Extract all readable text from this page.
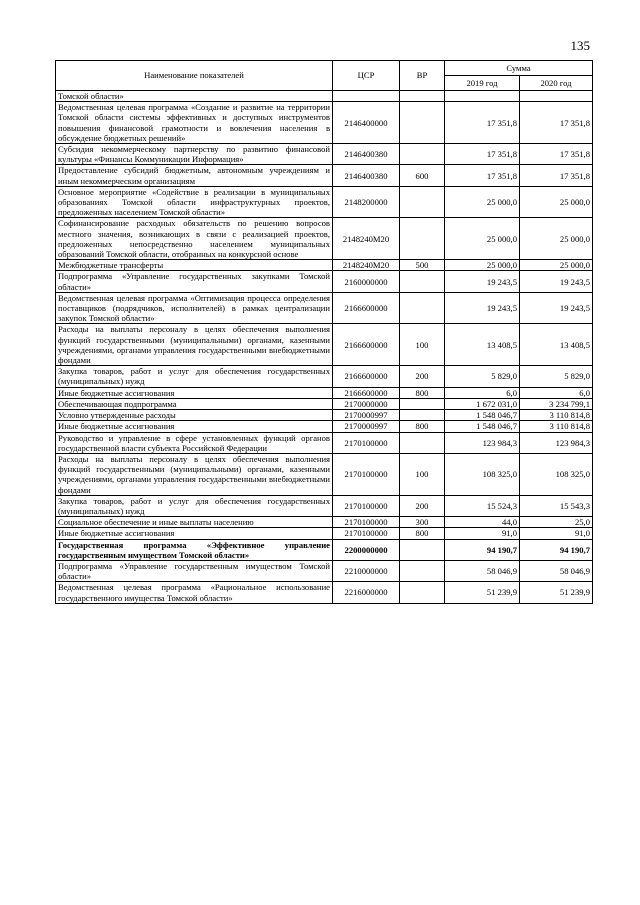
135
Наименование показателей	ЦСР	ВР	Сумма	
			2019 год	2020 год
Томской области»				
Ведомственная целевая программа «Создание и развитие на территории Томской области системы эффективных и доступных инструментов повышения финансовой грамотности и вовлечения населения в обсуждение бюджетных решений»	2146400000		17 351,8	17 351,8
Субсидия некоммерческому партнерству по развитию финансовой культуры «Финансы Коммуникации Информация»	2146400380		17 351,8	17 351,8
Предоставление субсидий бюджетным, автономным учреждениям и иным некоммерческим организациям	2146400380	600	17 351,8	17 351,8
Основное мероприятие «Содействие в реализации в муниципальных образованиях Томской области инфраструктурных проектов, предложенных населением Томской области»	2148200000		25 000,0	25 000,0
Софинансирование расходных обязательств по решению вопросов местного значения, возникающих в связи с реализацией проектов, предложенных непосредственно населением муниципальных образований Томской области, отобранных на конкурсной основе	2148240M20		25 000,0	25 000,0
Межбюджетные трансферты	2148240M20	500	25 000,0	25 000,0
Подпрограмма «Управление государственных закупками Томской области»	2160000000		19 243,5	19 243,5
Ведомственная целевая программа «Оптимизация процесса определения поставщиков (подрядчиков, исполнителей) в рамках централизации закупок Томской области»	2166600000		19 243,5	19 243,5
Расходы на выплаты персоналу в целях обеспечения выполнения функций государственными (муниципальными) органами, казенными учреждениями, органами управления государственными внебюджетными фондами	2166600000	100	13 408,5	13 408,5
Закупка товаров, работ и услуг для обеспечения государственных (муниципальных) нужд	2166600000	200	5 829,0	5 829,0
Иные бюджетные ассигнования	2166600000	800	6,0	6,0
Обеспечивающая подпрограмма	2170000000		1 672 031,0	3 234 799,1
Условно утвержденные расходы	2170000997		1 548 046,7	3 110 814,8
Иные бюджетные ассигнования	2170000997	800	1 548 046,7	3 110 814,8
Руководство и управление в сфере установленных функций органов государственной власти субъекта Российской Федерации	2170100000		123 984,3	123 984,3
Расходы на выплаты персоналу в целях обеспечения выполнения функций государственными (муниципальными) органами, казенными учреждениями, органами управления государственными внебюджетными фондами	2170100000	100	108 325,0	108 325,0
Закупка товаров, работ и услуг для обеспечения государственных (муниципальных) нужд	2170100000	200	15 524,3	15 543,3
Социальное обеспечение и иные выплаты населению	2170100000	300	44,0	25,0
Иные бюджетные ассигнования	2170100000	800	91,0	91,0
Государственная программа «Эффективное управление государственным имуществом Томской области»	2200000000		94 190,7	94 190,7
Подпрограмма «Управление государственным имуществом Томской области»	2210000000		58 046,9	58 046,9
Ведомственная целевая программа «Рациональное использование государственного имущества Томской области»	2216000000		51 239,9	51 239,9
